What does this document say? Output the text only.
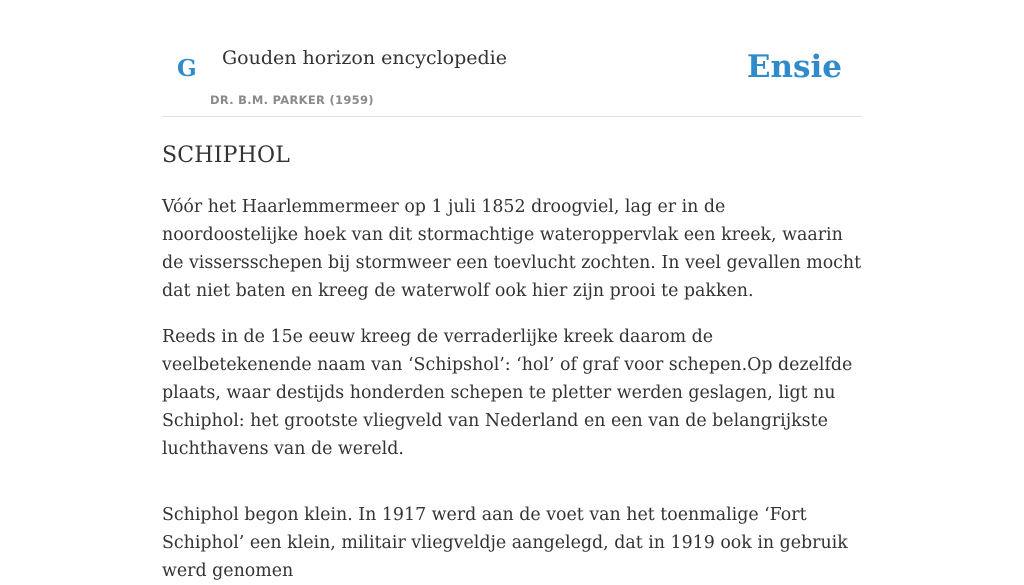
G Gouden horizon encyclopedie
DR. B.M. PARKER (1959)
Ensie
SCHIPHOL

Vóór het Haarlemmermeer op 1 juli 1852 droogviel, lag er in de noordoostelijke hoek van dit stormachtige wateroppervlak een kreek, waarin de vissersschepen bij stormweer een toevlucht zochten. In veel gevallen mocht dat niet baten en kreeg de waterwolf ook hier zijn prooi te pakken.

Reeds in de 15e eeuw kreeg de verraderlijke kreek daarom de veelbetekenende naam van ‘Schipshol’: ‘hol’ of graf voor schepen.Op dezelfde plaats, waar destijds honderden schepen te pletter werden geslagen, ligt nu Schiphol: het grootste vliegveld van Nederland en een van de belangrijkste luchthavens van de wereld.

Schiphol begon klein. In 1917 werd aan de voet van het toenmalige ‘Fort Schiphol’ een klein, militair vliegveldje aangelegd, dat in 1919 ook in gebruik werd genomen
